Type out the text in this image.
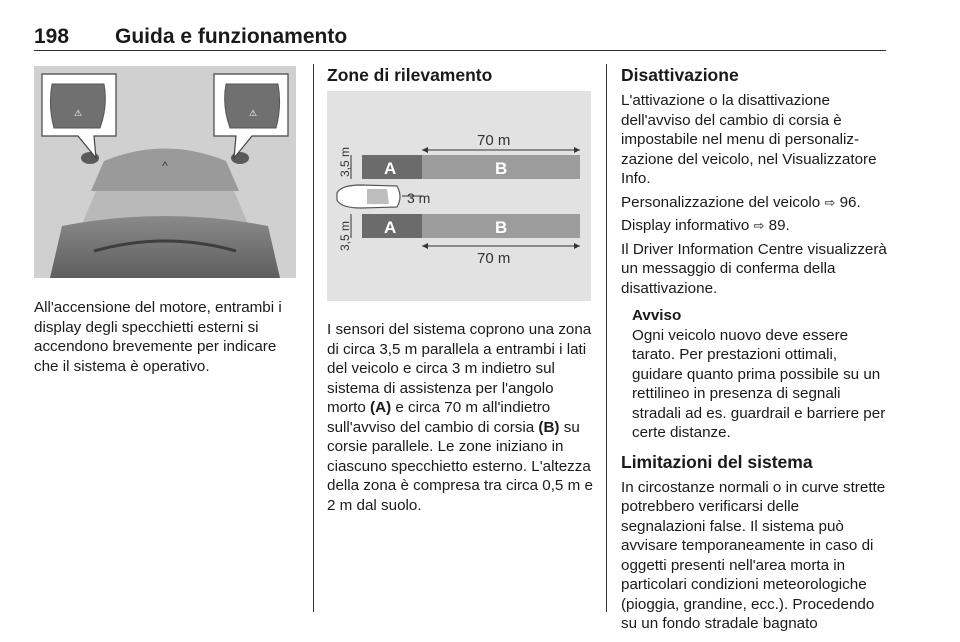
198 Guida e funzionamento
^
⚠	⚠

All'accensione del motore, entrambi i display degli specchietti esterni si accendono brevemente per indicare che il sistema è operativo.

Zone di rilevamento

70 m
A	B
3,5 m
3 m
A	B
3,5 m
70 m

I sensori del sistema coprono una zona di circa 3,5 m parallela a entrambi i lati del veicolo e circa 3 m indietro sul sistema di assistenza per l'angolo morto (A) e circa 70 m all'indietro sull'avviso del cambio di corsia (B) su corsie parallele. Le zone iniziano in ciascuno specchietto esterno. L'altezza della zona è compresa tra circa 0,5 m e 2 m dal suolo.

Disattivazione

L'attivazione o la disattivazione dell'avviso del cambio di corsia è impostabile nel menu di personalizzazione del veicolo, nel Visualizzatore Info.

Personalizzazione del veicolo ⇨ 96.

Display informativo ⇨ 89.

Il Driver Information Centre visualizzerà un messaggio di conferma della disattivazione.

Avviso
Ogni veicolo nuovo deve essere tarato. Per prestazioni ottimali, guidare quanto prima possibile su un rettilineo in presenza di segnali stradali ad es. guardrail e barriere per certe distanze.

Limitazioni del sistema

In circostanze normali o in curve strette potrebbero verificarsi delle segnalazioni false. Il sistema può avvisare temporaneamente in caso di oggetti presenti nell'area morta in particolari condizioni meteorologiche (pioggia, grandine, ecc.). Procedendo su un fondo stradale bagnato
